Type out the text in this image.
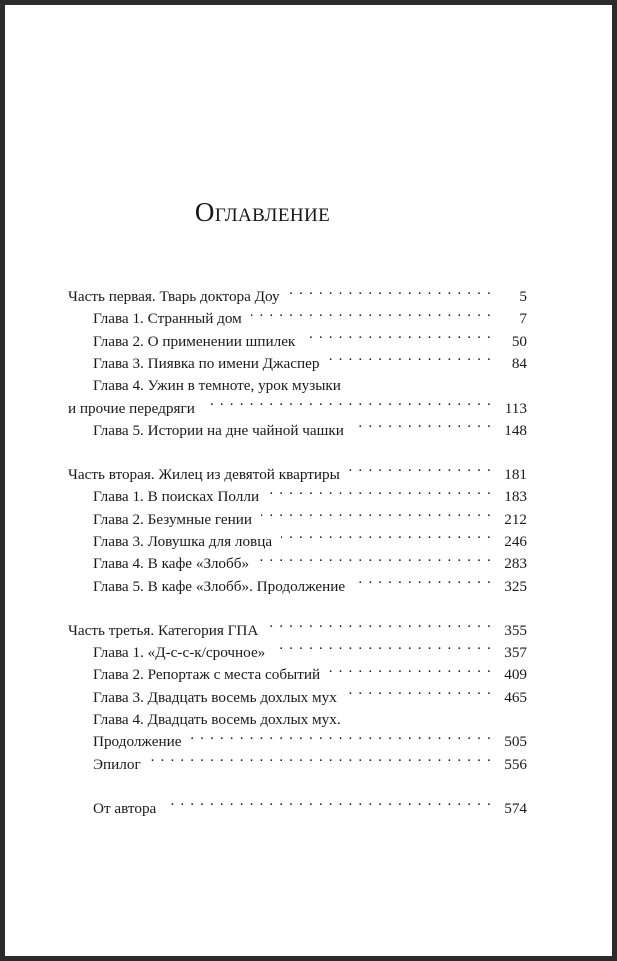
Оглавление
Часть первая. Тварь доктора Доу . . .	5
Глава 1. Странный дом . . .	7
Глава 2. О применении шпилек . . .	50
Глава 3. Пиявка по имени Джаспер . . .	84
Глава 4. Ужин в темноте, урок музыки
и прочие передряги . . .	113
Глава 5. Истории на дне чайной чашки . . .	148
Часть вторая. Жилец из девятой квартиры . . .	181
Глава 1. В поисках Полли . . .	183
Глава 2. Безумные гении . . .	212
Глава 3. Ловушка для ловца . . .	246
Глава 4. В кафе «Злобб» . . .	283
Глава 5. В кафе «Злобб». Продолжение . . .	325
Часть третья. Категория ГПА . . .	355
Глава 1. «Д-с-с-к/срочное» . . .	357
Глава 2. Репортаж с места событий . . .	409
Глава 3. Двадцать восемь дохлых мух . . .	465
Глава 4. Двадцать восемь дохлых мух.
Продолжение . . .	505
Эпилог . . .	556
От автора . . .	574
